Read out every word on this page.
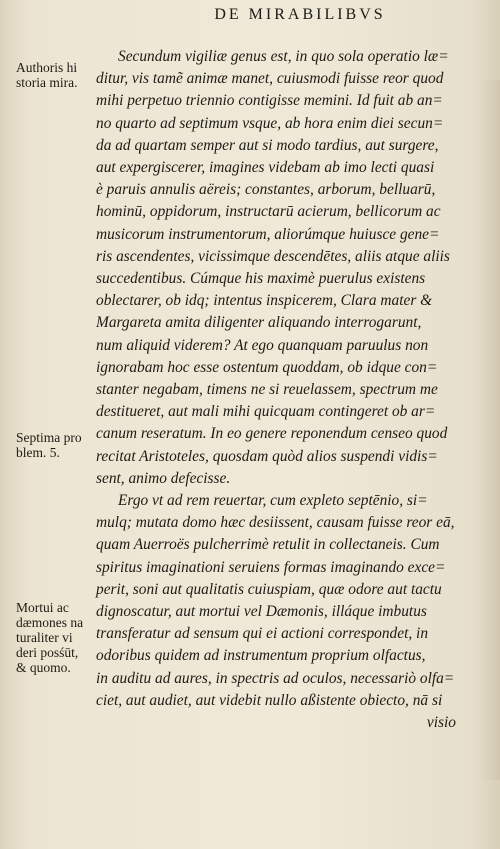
DE MIRABILIBVS
Authoris hi
storia mira.
Septima pro
blem. 5.
Mortui ac
dæmones na
turaliter vi
deri posśūt,
& quomo.

Secundum vigiliæ genus est, in quo sola operatio læ=

ditur, vis tamẽ animæ manet, cuiusmodi fuisse reor quod

mihi perpetuo triennio contigisse memini. Id fuit ab an=

no quarto ad septimum vsque, ab hora enim diei secun=

da ad quartam semper aut si modo tardius, aut surgere,

aut expergiscerer, imagines videbam ab imo lecti quasi

è paruis annulis aëreis; constantes, arborum, belluarū,

hominū, oppidorum, instructarū acierum, bellicorum ac

musicorum instrumentorum, aliorúmque huiusce gene=

ris ascendentes, vicissimque descendētes, aliis atque aliis

succedentibus. Cúmque his maximè puerulus existens

oblectarer, ob idq; intentus inspicerem, Clara mater &

Margareta amita diligenter aliquando interrogarunt,

num aliquid viderem? At ego quanquam paruulus non

ignorabam hoc esse ostentum quoddam, ob idque con=

stanter negabam, timens ne si reuelassem, spectrum me

destitueret, aut mali mihi quicquam contingeret ob ar=

canum reseratum. In eo genere reponendum censeo quod

recitat Aristoteles, quosdam quòd alios suspendi vidis=

sent, animo defecisse.

Ergo vt ad rem reuertar, cum expleto septēnio, si=

mulq; mutata domo hæc desiissent, causam fuisse reor eā,

quam Auerroës pulcherrimè retulit in collectaneis. Cum

spiritus imaginationi seruiens formas imaginando exce=

perit, soni aut qualitatis cuiuspiam, quæ odore aut tactu

dignoscatur, aut mortui vel Dæmonis, illáque imbutus

transferatur ad sensum qui ei actioni correspondet, in

odoribus quidem ad instrumentum proprium olfactus,

in auditu ad aures, in spectris ad oculos, necessariò olfa=

ciet, aut audiet, aut videbit nullo aßistente obiecto, nā si

visio
